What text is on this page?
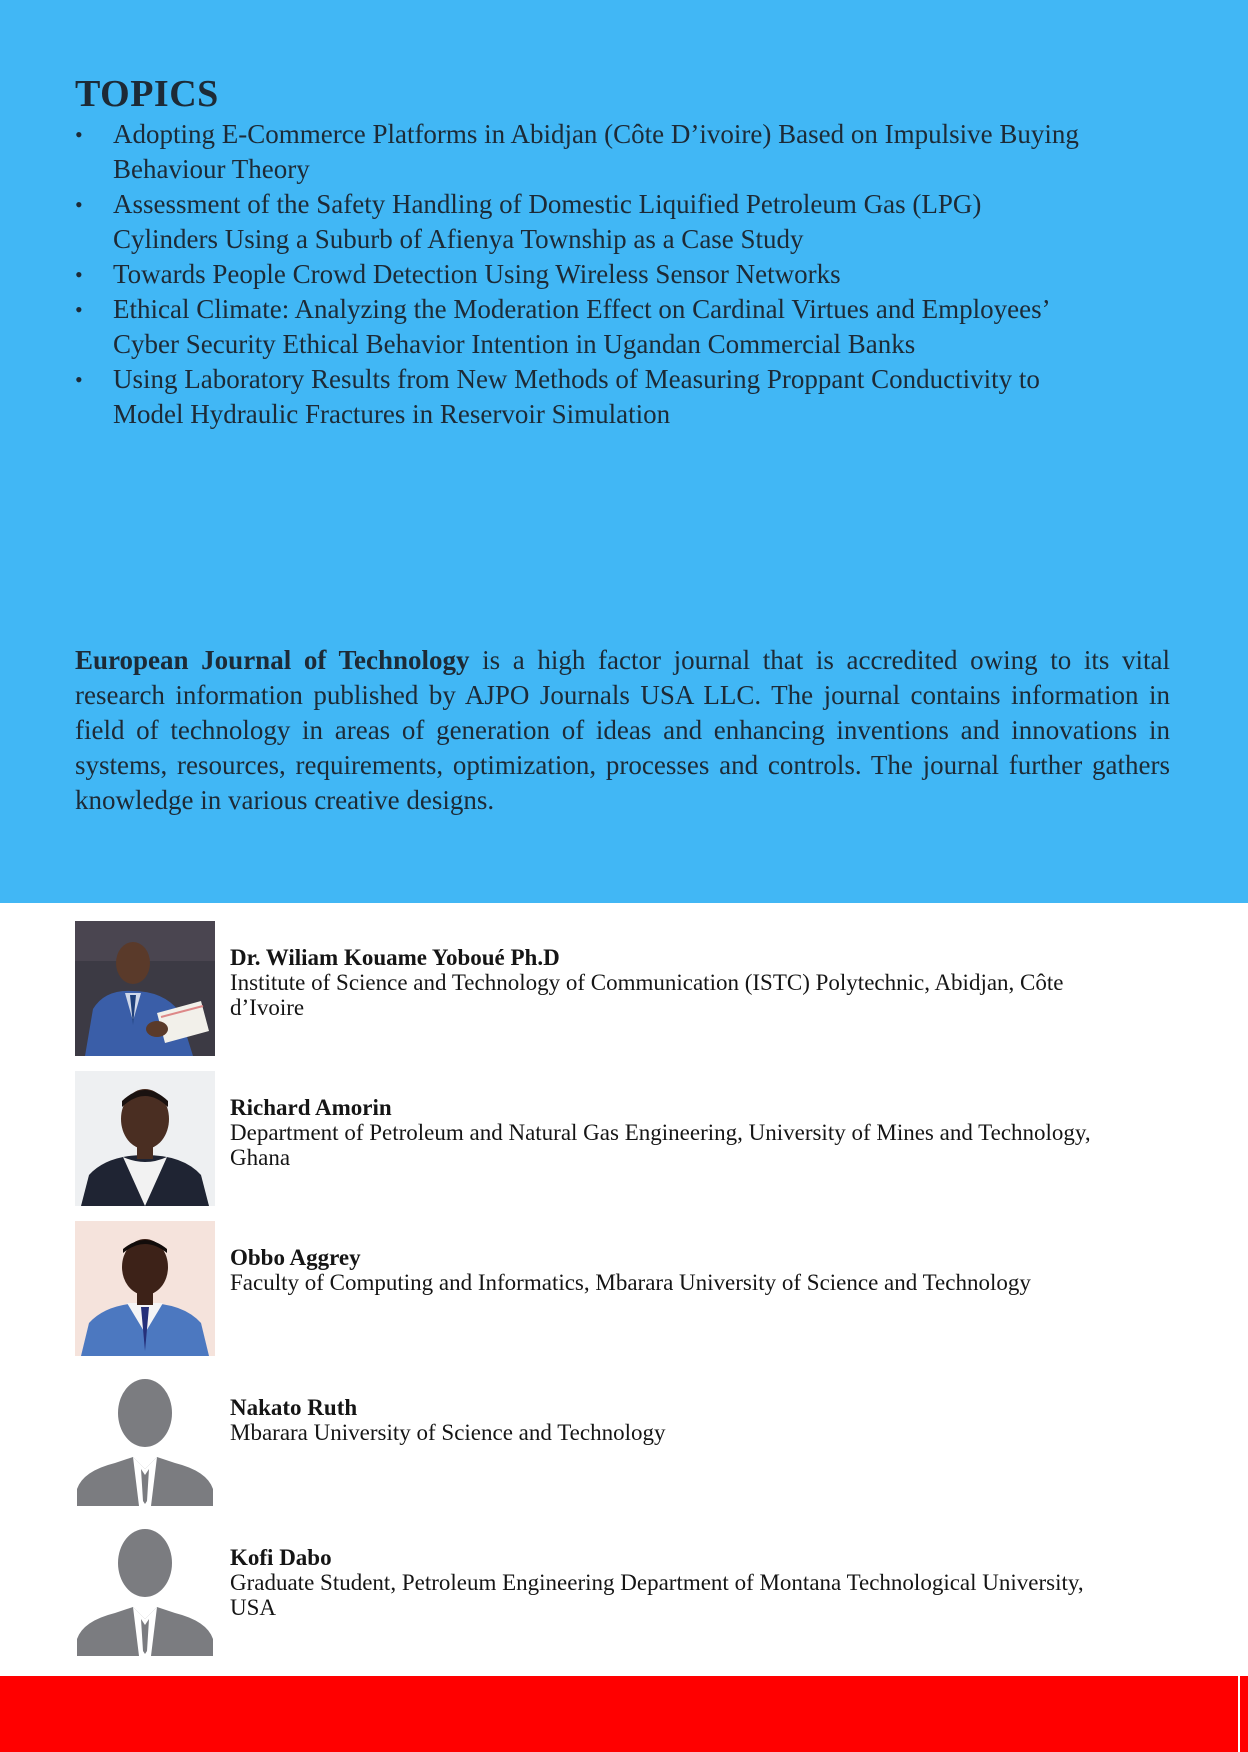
TOPICS
•	Adopting E-Commerce Platforms in Abidjan (Côte D’ivoire) Based on Impulsive Buying
Behaviour Theory
•	Assessment of the Safety Handling of Domestic Liquified Petroleum Gas (LPG)
Cylinders Using a Suburb of Afienya Township as a Case Study
•	Towards People Crowd Detection Using Wireless Sensor Networks
•	Ethical Climate: Analyzing the Moderation Effect on Cardinal Virtues and Employees’
Cyber Security Ethical Behavior Intention in Ugandan Commercial Banks
•	Using Laboratory Results from New Methods of Measuring Proppant Conductivity to
Model Hydraulic Fractures in Reservoir Simulation

European Journal of Technology is a high factor journal that is accredited owing to its vital research information published by AJPO Journals USA LLC. The journal contains information in field of technology in areas of generation of ideas and enhancing inventions and innovations in systems, resources, requirements, optimization, processes and controls. The journal further gathers knowledge in various creative designs.

Dr. Wiliam Kouame Yoboué Ph.D
Institute of Science and Technology of Communication (ISTC) Polytechnic, Abidjan, Côte
d’Ivoire
Richard Amorin
Department of Petroleum and Natural Gas Engineering, University of Mines and Technology,
Ghana
Obbo Aggrey
Faculty of Computing and Informatics, Mbarara University of Science and Technology
Nakato Ruth
Mbarara University of Science and Technology
Kofi Dabo
Graduate Student, Petroleum Engineering Department of Montana Technological University,
USA
